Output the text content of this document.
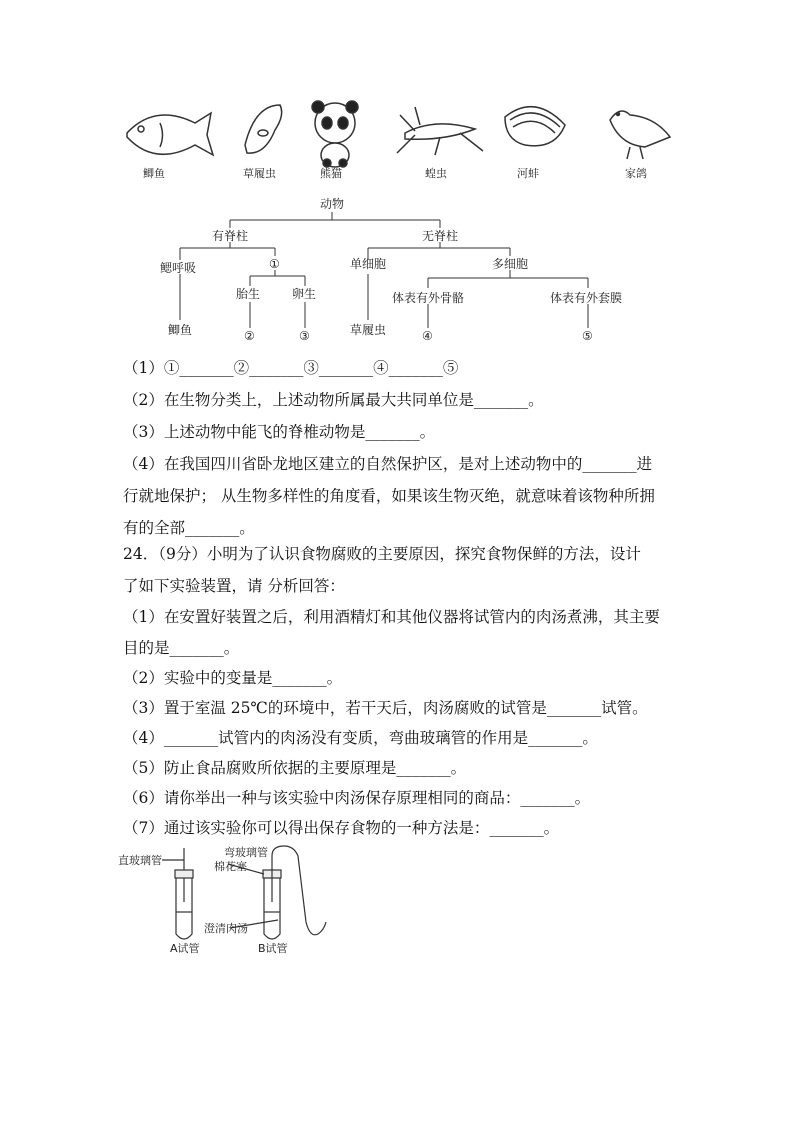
鲫鱼	草履虫	熊猫	蝗虫	河蚌	家鸽
动物
有脊柱	无脊柱
鳃呼吸	①	单细胞	多细胞
胎生	卵生	体表有外骨骼	体表有外套膜
鲫鱼	②	③	草履虫	④	⑤
（1）①_______②_______③_______④_______⑤
（2）在生物分类上，上述动物所属最大共同单位是_______。
（3）上述动物中能飞的脊椎动物是_______。
（4）在我国四川省卧龙地区建立的自然保护区，是对上述动物中的_______进
行就地保护； 从生物多样性的角度看，如果该生物灭绝，就意味着该物种所拥
有的全部_______。
24．（9分）小明为了认识食物腐败的主要原因，探究食物保鲜的方法，设计
了如下实验装置，请 分析回答：
（1）在安置好装置之后，利用酒精灯和其他仪器将试管内的肉汤煮沸，其主要
目的是_______。
（2）实验中的变量是_______。
（3）置于室温 25℃的环境中，若干天后，肉汤腐败的试管是_______试管。
（4）_______试管内的肉汤没有变质，弯曲玻璃管的作用是_______。
（5）防止食品腐败所依据的主要原理是_______。
（6）请你举出一种与该实验中肉汤保存原理相同的商品：_______。
（7）通过该实验你可以得出保存食物的一种方法是：_______。
直玻璃管
弯玻璃管
棉花塞
澄清肉汤
A试管	B试管
